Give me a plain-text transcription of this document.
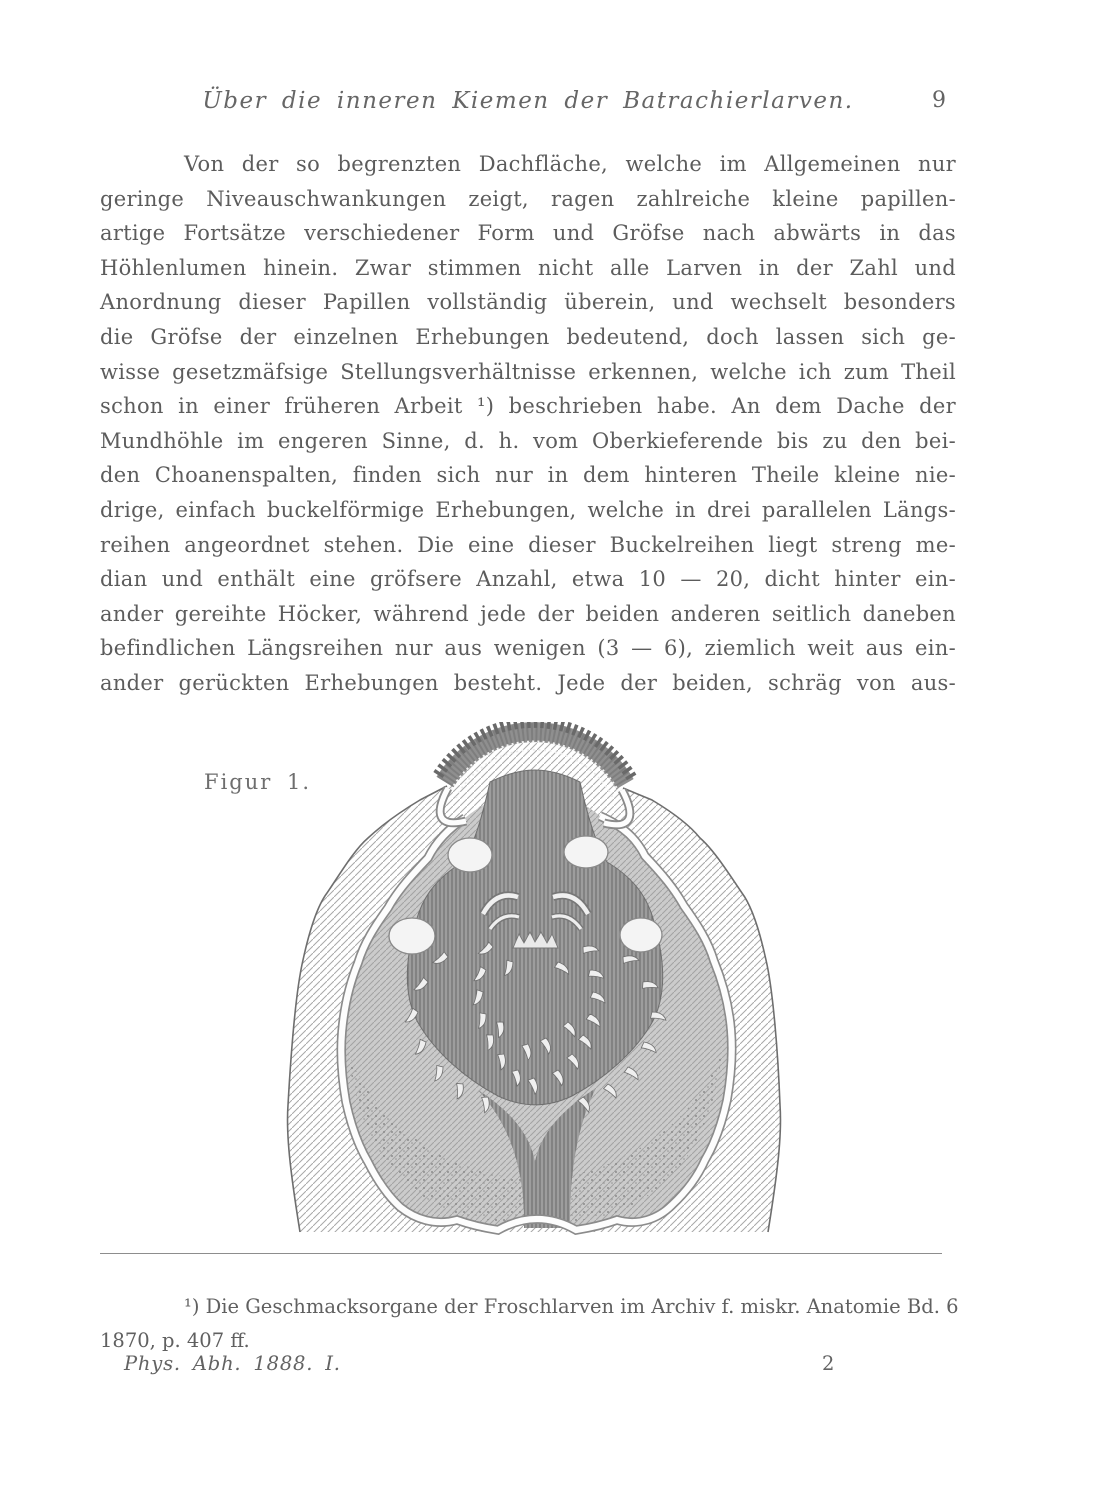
Über die inneren Kiemen der Batrachierlarven.	9
Von der so begrenzten Dachfläche, welche im Allgemeinen nur
geringe Niveauschwankungen zeigt, ragen zahlreiche kleine papillen-
artige Fortsätze verschiedener Form und Gröfse nach abwärts in das
Höhlenlumen hinein. Zwar stimmen nicht alle Larven in der Zahl und
Anordnung dieser Papillen vollständig überein, und wechselt besonders
die Gröfse der einzelnen Erhebungen bedeutend, doch lassen sich ge-
wisse gesetzmäfsige Stellungsverhältnisse erkennen, welche ich zum Theil
schon in einer früheren Arbeit ¹) beschrieben habe. An dem Dache der
Mundhöhle im engeren Sinne, d. h. vom Oberkieferende bis zu den bei-
den Choanenspalten, finden sich nur in dem hinteren Theile kleine nie-
drige, einfach buckelförmige Erhebungen, welche in drei parallelen Längs-
reihen angeordnet stehen. Die eine dieser Buckelreihen liegt streng me-
dian und enthält eine gröfsere Anzahl, etwa 10 — 20, dicht hinter ein-
ander gereihte Höcker, während jede der beiden anderen seitlich daneben
befindlichen Längsreihen nur aus wenigen (3 — 6), ziemlich weit aus ein-
ander gerückten Erhebungen besteht. Jede der beiden, schräg von aus-
Figur 1.
¹) Die Geschmacksorgane der Froschlarven im Archiv f. miskr. Anatomie Bd. 6
1870, p. 407 ff.
Phys. Abh. 1888. I.	2
